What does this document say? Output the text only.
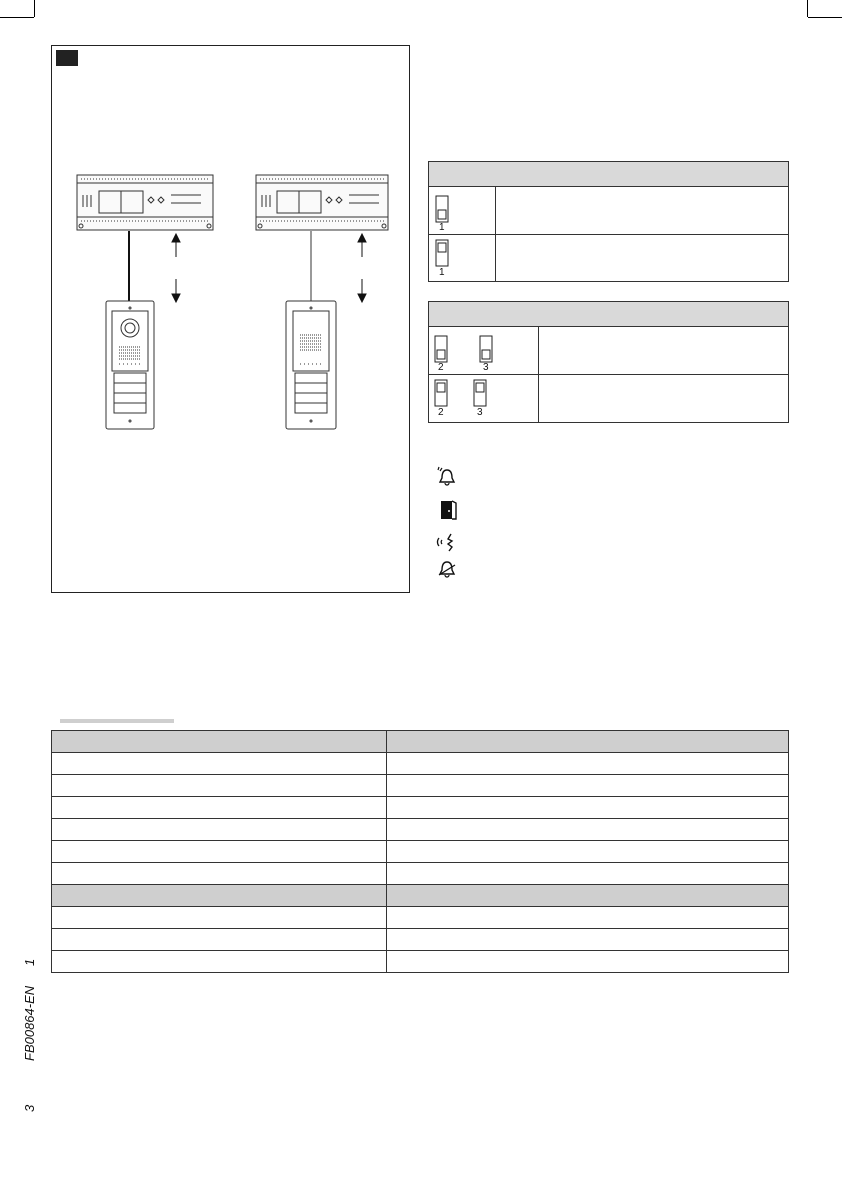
1
1
2	3
2	3

1
FB00864-EN
3
